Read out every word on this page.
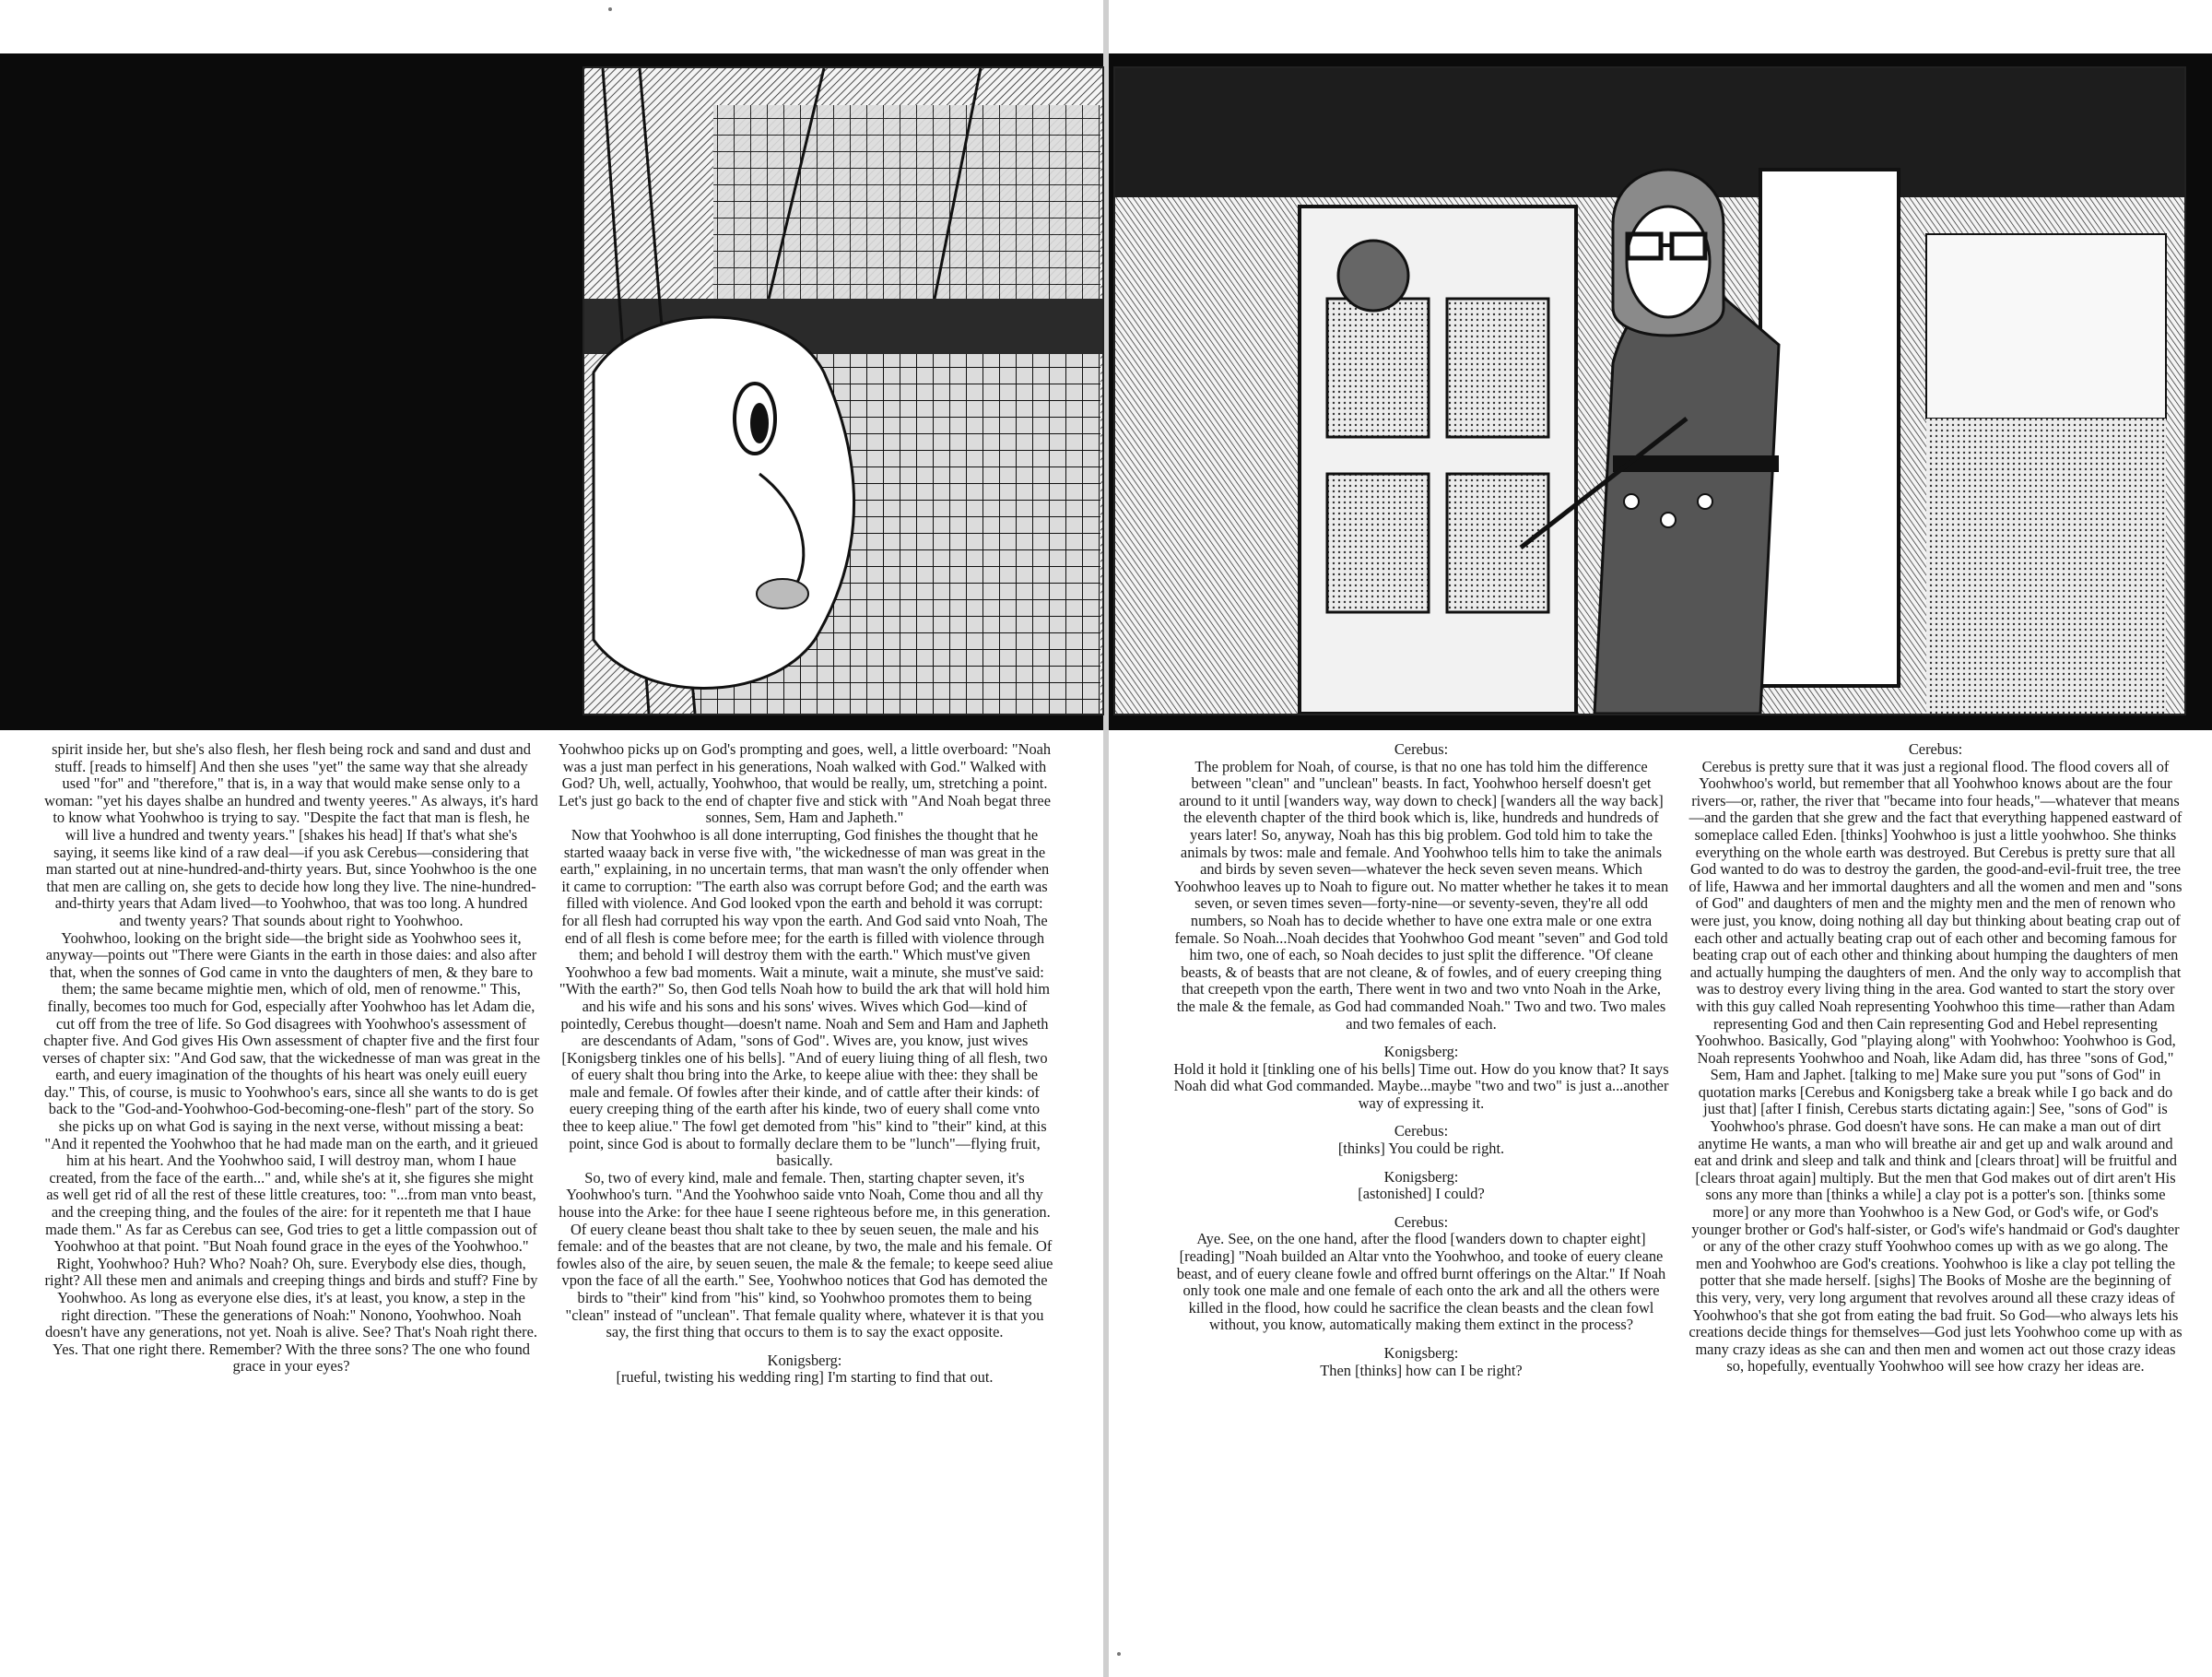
spirit inside her, but she's also flesh, her flesh being rock and sand and dust and stuff. [reads to himself] And then she uses "yet" the same way that she already used "for" and "therefore," that is, in a way that would make sense only to a woman: "yet his dayes shalbe an hundred and twenty yeeres." As always, it's hard to know what Yoohwhoo is trying to say. "Despite the fact that man is flesh, he will live a hundred and twenty years." [shakes his head] If that's what she's saying, it seems like kind of a raw deal—if you ask Cerebus—considering that man started out at nine-hundred-and-thirty years. But, since Yoohwhoo is the one that men are calling on, she gets to decide how long they live. The nine-hundred-and-thirty years that Adam lived—to Yoohwhoo, that was too long. A hundred and twenty years? That sounds about right to Yoohwhoo.

Yoohwhoo, looking on the bright side—the bright side as Yoohwhoo sees it, anyway—points out "There were Giants in the earth in those daies: and also after that, when the sonnes of God came in vnto the daughters of men, & they bare to them; the same became mightie men, which of old, men of renowme." This, finally, becomes too much for God, especially after Yoohwhoo has let Adam die, cut off from the tree of life. So God disagrees with Yoohwhoo's assessment of chapter five. And God gives His Own assessment of chapter five and the first four verses of chapter six: "And God saw, that the wickednesse of man was great in the earth, and euery imagination of the thoughts of his heart was onely euill euery day." This, of course, is music to Yoohwhoo's ears, since all she wants to do is get back to the "God-and-Yoohwhoo-God-becoming-one-flesh" part of the story. So she picks up on what God is saying in the next verse, without missing a beat: "And it repented the Yoohwhoo that he had made man on the earth, and it grieued him at his heart. And the Yoohwhoo said, I will destroy man, whom I haue created, from the face of the earth..." and, while she's at it, she figures she might as well get rid of all the rest of these little creatures, too: "...from man vnto beast, and the creeping thing, and the foules of the aire: for it repenteth me that I haue made them." As far as Cerebus can see, God tries to get a little compassion out of Yoohwhoo at that point. "But Noah found grace in the eyes of the Yoohwhoo." Right, Yoohwhoo? Huh? Who? Noah? Oh, sure. Everybody else dies, though, right? All these men and animals and creeping things and birds and stuff? Fine by Yoohwhoo. As long as everyone else dies, it's at least, you know, a step in the right direction. "These the generations of Noah:" Nonono, Yoohwhoo. Noah doesn't have any generations, not yet. Noah is alive. See? That's Noah right there. Yes. That one right there. Remember? With the three sons? The one who found grace in your eyes?

Yoohwhoo picks up on God's prompting and goes, well, a little overboard: "Noah was a just man perfect in his generations, Noah walked with God." Walked with God? Uh, well, actually, Yoohwhoo, that would be really, um, stretching a point. Let's just go back to the end of chapter five and stick with "And Noah begat three sonnes, Sem, Ham and Japheth."

Now that Yoohwhoo is all done interrupting, God finishes the thought that he started waaay back in verse five with, "the wickednesse of man was great in the earth," explaining, in no uncertain terms, that man wasn't the only offender when it came to corruption: "The earth also was corrupt before God; and the earth was filled with violence. And God looked vpon the earth and behold it was corrupt: for all flesh had corrupted his way vpon the earth. And God said vnto Noah, The end of all flesh is come before mee; for the earth is filled with violence through them; and behold I will destroy them with the earth." Which must've given Yoohwhoo a few bad moments. Wait a minute, wait a minute, she must've said: "With the earth?" So, then God tells Noah how to build the ark that will hold him and his wife and his sons and his sons' wives. Wives which God—kind of pointedly, Cerebus thought—doesn't name. Noah and Sem and Ham and Japheth are descendants of Adam, "sons of God". Wives are, you know, just wives [Konigsberg tinkles one of his bells]. "And of euery liuing thing of all flesh, two of euery shalt thou bring into the Arke, to keepe aliue with thee: they shall be male and female. Of fowles after their kinde, and of cattle after their kinds: of euery creeping thing of the earth after his kinde, two of euery shall come vnto thee to keep aliue." The fowl get demoted from "his" kind to "their" kind, at this point, since God is about to formally declare them to be "lunch"—flying fruit, basically.

So, two of every kind, male and female. Then, starting chapter seven, it's Yoohwhoo's turn. "And the Yoohwhoo saide vnto Noah, Come thou and all thy house into the Arke: for thee haue I seene righteous before me, in this generation. Of euery cleane beast thou shalt take to thee by seuen seuen, the male and his female: and of the beastes that are not cleane, by two, the male and his female. Of fowles also of the aire, by seuen seuen, the male & the female; to keepe seed aliue vpon the face of all the earth." See, Yoohwhoo notices that God has demoted the birds to "their" kind from "his" kind, so Yoohwhoo promotes them to being "clean" instead of "unclean". That female quality where, whatever it is that you say, the first thing that occurs to them is to say the exact opposite.

Konigsberg:

[rueful, twisting his wedding ring] I'm starting to find that out.

Cerebus:

The problem for Noah, of course, is that no one has told him the difference between "clean" and "unclean" beasts. In fact, Yoohwhoo herself doesn't get around to it until [wanders way, way down to check] [wanders all the way back] the eleventh chapter of the third book which is, like, hundreds and hundreds of years later! So, anyway, Noah has this big problem. God told him to take the animals by twos: male and female. And Yoohwhoo tells him to take the animals and birds by seven seven—whatever the heck seven seven means. Which Yoohwhoo leaves up to Noah to figure out. No matter whether he takes it to mean seven, or seven times seven—forty-nine—or seventy-seven, they're all odd numbers, so Noah has to decide whether to have one extra male or one extra female. So Noah...Noah decides that Yoohwhoo God meant "seven" and God told him two, one of each, so Noah decides to just split the difference. "Of cleane beasts, & of beasts that are not cleane, & of fowles, and of euery creeping thing that creepeth vpon the earth, There went in two and two vnto Noah in the Arke, the male & the female, as God had commanded Noah." Two and two. Two males and two females of each.

Konigsberg:

Hold it hold it [tinkling one of his bells] Time out. How do you know that? It says Noah did what God commanded. Maybe...maybe "two and two" is just a...another way of expressing it.

Cerebus:

[thinks] You could be right.

Konigsberg:

[astonished] I could?

Cerebus:

Aye. See, on the one hand, after the flood [wanders down to chapter eight][reading] "Noah builded an Altar vnto the Yoohwhoo, and tooke of euery cleane beast, and of euery cleane fowle and offred burnt offerings on the Altar." If Noah only took one male and one female of each onto the ark and all the others were killed in the flood, how could he sacrifice the clean beasts and the clean fowl without, you know, automatically making them extinct in the process?

Konigsberg:

Then [thinks] how can I be right?

Cerebus:

Cerebus is pretty sure that it was just a regional flood. The flood covers all of Yoohwhoo's world, but remember that all Yoohwhoo knows about are the four rivers—or, rather, the river that "became into four heads,"—whatever that means—and the garden that she grew and the fact that everything happened eastward of someplace called Eden. [thinks] Yoohwhoo is just a little yoohwhoo. She thinks everything on the whole earth was destroyed. But Cerebus is pretty sure that all God wanted to do was to destroy the garden, the good-and-evil-fruit tree, the tree of life, Hawwa and her immortal daughters and all the women and men and "sons of God" and daughters of men and the mighty men and the men of renown who were just, you know, doing nothing all day but thinking about beating crap out of each other and actually beating crap out of each other and becoming famous for beating crap out of each other and thinking about humping the daughters of men and actually humping the daughters of men. And the only way to accomplish that was to destroy every living thing in the area. God wanted to start the story over with this guy called Noah representing Yoohwhoo this time—rather than Adam representing God and then Cain representing God and Hebel representing Yoohwhoo. Basically, God "playing along" with Yoohwhoo: Yoohwhoo is God, Noah represents Yoohwhoo and Noah, like Adam did, has three "sons of God," Sem, Ham and Japhet. [talking to me] Make sure you put "sons of God" in quotation marks [Cerebus and Konigsberg take a break while I go back and do just that] [after I finish, Cerebus starts dictating again:] See, "sons of God" is Yoohwhoo's phrase. God doesn't have sons. He can make a man out of dirt anytime He wants, a man who will breathe air and get up and walk around and eat and drink and sleep and talk and think and [clears throat] will be fruitful and [clears throat again] multiply. But the men that God makes out of dirt aren't His sons any more than [thinks a while] a clay pot is a potter's son. [thinks some more] or any more than Yoohwhoo is a New God, or God's wife, or God's younger brother or God's half-sister, or God's wife's handmaid or God's daughter or any of the other crazy stuff Yoohwhoo comes up with as we go along. The men and Yoohwhoo are God's creations. Yoohwhoo is like a clay pot telling the potter that she made herself. [sighs] The Books of Moshe are the beginning of this very, very, very long argument that revolves around all these crazy ideas of Yoohwhoo's that she got from eating the bad fruit. So God—who always lets his creations decide things for themselves—God just lets Yoohwhoo come up with as many crazy ideas as she can and then men and women act out those crazy ideas so, hopefully, eventually Yoohwhoo will see how crazy her ideas are.
